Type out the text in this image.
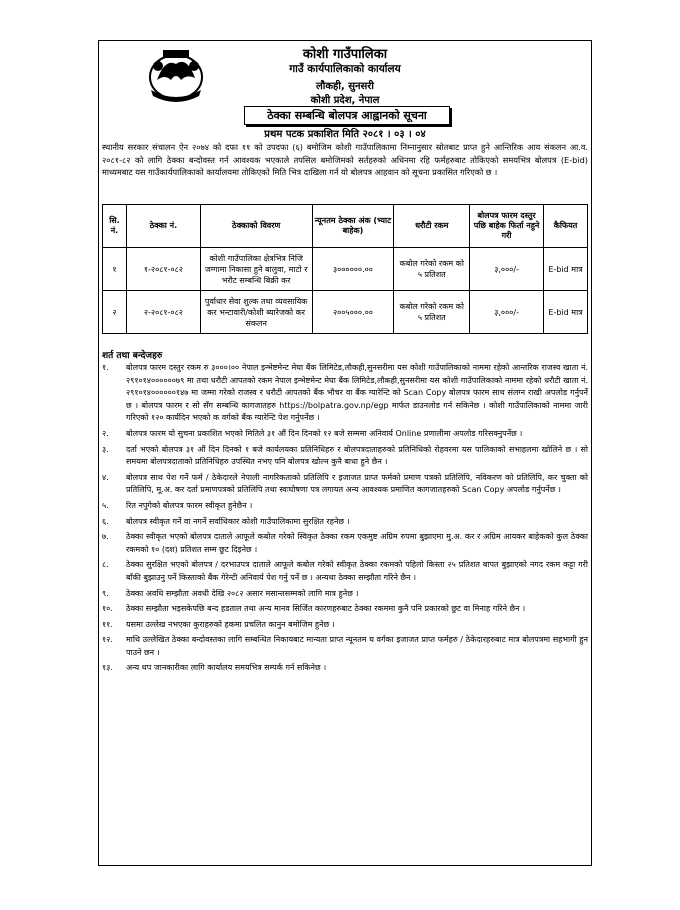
कोशी गाउँपालिका
गाउँ कार्यपालिकाको कार्यालय
लौकही, सुनसरी
कोशी प्रदेश, नेपाल
ठेक्का सम्बन्धि बोलपत्र आह्वानको सूचना
प्रथम पटक प्रकाशित मिति २०८१ । ०३ । ०४
स्थानीय सरकार संचालन ऐन २०७४ को दफा ११ को उपदफा (६) बमोजिम कोशी गाउँपालिकामा निम्नानुसार स्रोतबाट प्राप्त हुने आन्तिरिक आय संकलन आ.व. २०८१-८२ को लागि ठेक्का बन्दोवस्त गर्न आवश्यक भएकाले तपसिल बमोजिमको सर्तहरुको अधिनमा रहि फर्महरुबाट तोकिएको समयभित्र बोलपत्र (E-bid) माध्यमबाट यस गाउँकार्यपालिकाको कार्यालयमा तोकिएको मिति भित्र दाखिला गर्न यो बोलपत्र आहवान को सूचना प्रकासित गरिएको छ ।
सि. नं.	ठेक्का नं.	ठेक्काको विवरण	न्यूनतम ठेक्का अंक (भ्याट बाहेक)	धरौटी रकम	बोलपत्र फारम दस्तुर पछि बाहेक फिर्ता नहुने गरी	कैफियत
१	१-२०८१-०८२	कोशी गाउँपालिका क्षेत्रभित्र निजि जग्गामा निकासा हुने बालुवा, माटो र भरौट सम्बन्धि बिक्री कर	३००००००.००	कबोल गरेको रकम को ५ प्रतिशत	३,०००/-	E-bid मात्र
२	२-२०८१-०८२	पुर्वाधार सेवा शुल्क तथा व्यवसायिक कर भन्टावारी/कोशी ब्यारेजको कर संकलन	२००५०००.००	कबोल गरेको रकम को ५ प्रतिशत	३,०००/-	E-bid मात्र
शर्त तथा बन्देजहरु
१.	बोलपत्र फारम दस्तुर रकम रु ३०००।०० नेपाल इन्भेष्टमेन्ट मेघा बैंक लिमिटेड,लौकही,सुनसरीमा यस कोशी गाउँपालिकाको नाममा रहेको आन्तरिक राजस्व खाता नं. २९१०१४००००००७९ मा तथा धरौटी आपतको रकम नेपाल इन्भेष्टमेन्ट मेघा बैंक लिमिटेड,लौकही,सुनसरीमा यस कोशी गाउँपालिकाको नाममा रहेको धरौटी खाता नं. २९१०१४००००००१४७ मा जम्मा गरेको राजस्व र धरौटी आपतको बैंक भौचर वा बैंक ग्यारेन्टि को Scan Copy बोलपत्र फारम साथ संलग्न राखी अपलोड गर्नुपर्ने छ । बोलपत्र फारम र सो सँग सम्बन्धि कागजातहरु https://bolpatra.gov.np/egp मार्फत डाउनलोड गर्न सकिनेछ । कोशी गाउँपालिकाको नाममा जारी गरिएको १२० कार्यदिन भएको क वर्गको बैंक ग्यारेन्टि पेश गर्नुपर्नेछ ।
२.	बोलपत्र फारम यो सुचना प्रकाशित भएको मितिले ३१ औं दिन दिनको १२ बजे सम्ममा अनिवार्य Online प्रणालीमा अपलोड गरिसक्नुपर्नेछ ।
३.	दर्ता भएको बोलपत्र ३१ औं दिन दिनको १ बजे कार्यलयका प्रतिनिधिहरु र बोलपत्रदाताहरुको प्रतिनिधिको रोहवरमा यस पालिकाको सभाहलमा खोलिने छ । सो समयमा बोलपत्रदाताको प्रतिनिधिहरु उपस्थित नभए पनि बोलपत्र खोल्न कुनै बाधा हुने छैन ।
४.	बोलपत्र साथ पेश गर्ने फर्म / ठेकेदारले नेपाली नागरिकताको प्रतिलिपि र इजाजत प्राप्त फर्मको प्रमाण पत्रको प्रतिलिपि, नविकरण को प्रतिलिपि, कर चुक्ता को प्रतिलिपि, मू.अ. कर दर्ता प्रमाणपत्रको प्रतिलिपि तथा स्वःघोषणा पत्र लगायत अन्य आवश्यक प्रमाणित कागजातहरुको Scan Copy अपलोड गर्नुपर्नेछ ।
५.	रित नपुगेको बोलपत्र फारम स्वीकृत हुनेछैन ।
६.	बोलपत्र स्वीकृत गर्ने वा नगर्ने सर्वाधिकार कोशी गाउँपालिकामा सुरक्षित रहनेछ ।
७.	ठेक्का स्वीकृत भएको बोलपत्र दाताले आफूले कबोल गरेको स्विकृत ठेक्का रकम एकमुष्ट अग्रिम रुपमा बुझाएमा मु.अ. कर र अग्रिम आयकर बाहेकको कुल ठेक्का रकमको १० (दश) प्रतिशत सम्म छुट दिइनेछ ।
८.	ठेक्का सुरक्षित भएको बोलपत्र / दरभाउपत्र दाताले आफूले कबोल गरेको स्वीकृत ठेक्का रकमको पहिलो किस्ता २५ प्रतिशत बापत बुझाएको नगद रकम कट्टा गरी बाँकी बुझाउनु पर्ने किस्ताको बैंक गेरेन्टी अनिवार्य पेश गर्नु पर्ने छ । अन्यथा ठेक्का सम्झौता गरिने छैन ।
९.	ठेक्का अवधि सम्झौता अवधी देखि २०८२ असार मसान्तसम्मको लागि मात्र हुनेछ ।
१०.	ठेक्का सम्झौता भइसकेपछि बन्द हडताल तथा अन्य मानव सिर्जित कारणहरुबाट ठेक्का रकममा कुनै पनि प्रकारको छुट वा मिनाह गरिने छैन ।
११.	यसमा उल्लेख नभएका कुराहरुको हकमा प्रचलित कानुन बमोजिम हुनेछ ।
१२.	माथि उल्लेखित ठेक्का बन्दोवस्तका लागि सम्बन्धित निकायबाट मान्यता प्राप्त न्यूनतम घ वर्गका इजाजत प्राप्त फर्महरु / ठेकेदारहरुबाट मात्र बोलपत्रमा सहभागी हुन पाउने छन ।
१३.	अन्य थप जानकारीका लागि कार्यालय समयभित्र सम्पर्क गर्न सकिनेछ ।
